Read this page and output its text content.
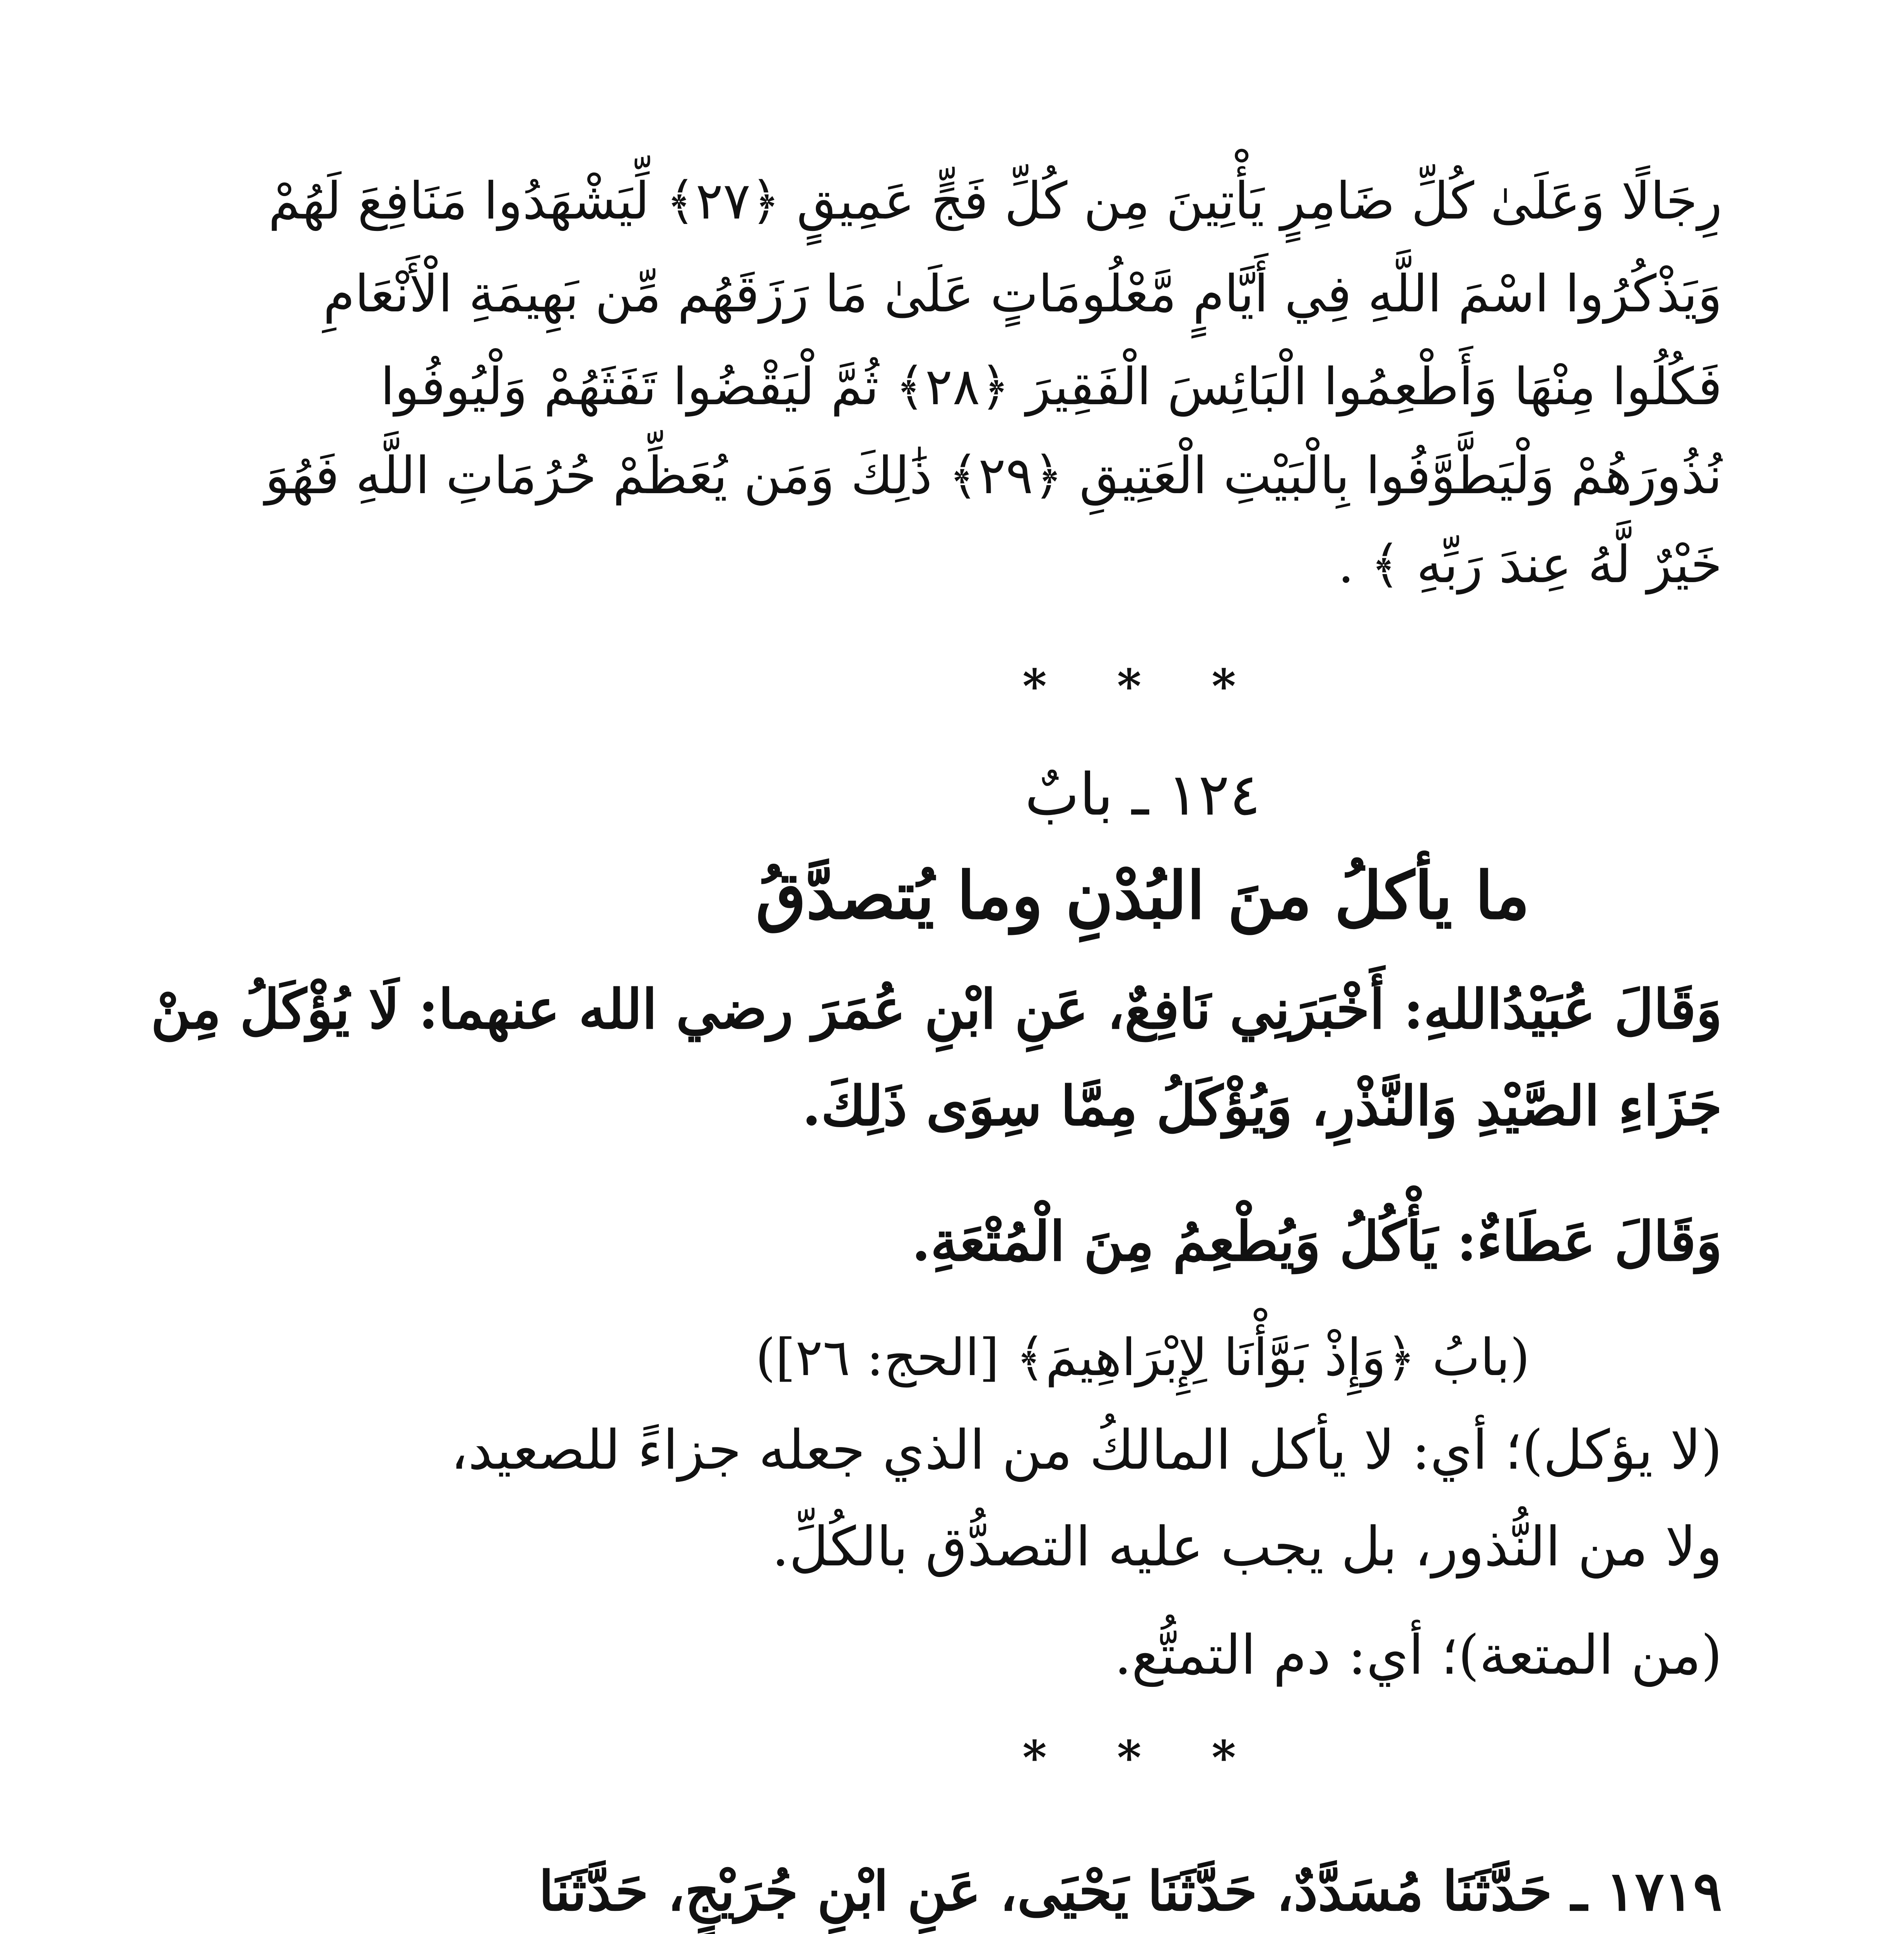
رِجَالًا وَعَلَىٰ كُلِّ ضَامِرٍ يَأْتِينَ مِن كُلِّ فَجٍّ عَمِيقٍ ﴿٢٧﴾ لِّيَشْهَدُوا مَنَافِعَ لَهُمْ
وَيَذْكُرُوا اسْمَ اللَّهِ فِي أَيَّامٍ مَّعْلُومَاتٍ عَلَىٰ مَا رَزَقَهُم مِّن بَهِيمَةِ الْأَنْعَامِ
فَكُلُوا مِنْهَا وَأَطْعِمُوا الْبَائِسَ الْفَقِيرَ ﴿٢٨﴾ ثُمَّ لْيَقْضُوا تَفَثَهُمْ وَلْيُوفُوا
نُذُورَهُمْ وَلْيَطَّوَّفُوا بِالْبَيْتِ الْعَتِيقِ ﴿٢٩﴾ ذَٰلِكَ وَمَن يُعَظِّمْ حُرُمَاتِ اللَّهِ فَهُوَ
خَيْرٌ لَّهُ عِندَ رَبِّهِ ﴾ .
* * *
١٢٤ ـ بابٌ
ما يأكلُ منَ البُدْنِ وما يُتصدَّقُ
وَقَالَ عُبَيْدُاللهِ: أَخْبَرَنِي نَافِعٌ، عَنِ ابْنِ عُمَرَ رضي الله عنهما: لَا يُؤْكَلُ مِنْ
جَزَاءِ الصَّيْدِ وَالنَّذْرِ، وَيُؤْكَلُ مِمَّا سِوَى ذَلِكَ.
وَقَالَ عَطَاءٌ: يَأْكُلُ وَيُطْعِمُ مِنَ الْمُتْعَةِ.
(بابُ ﴿وَإِذْ بَوَّأْنَا لِإِبْرَاهِيمَ﴾ [الحج: ٢٦])
(لا يؤكل)؛ أي: لا يأكل المالكُ من الذي جعله جزاءً للصعيد،
ولا من النُّذور، بل يجب عليه التصدُّق بالكُلِّ.
(من المتعة)؛ أي: دم التمتُّع.
* * *
١٧١٩ ـ حَدَّثَنَا مُسَدَّدٌ، حَدَّثَنَا يَحْيَى، عَنِ ابْنِ جُرَيْجٍ، حَدَّثَنَا
